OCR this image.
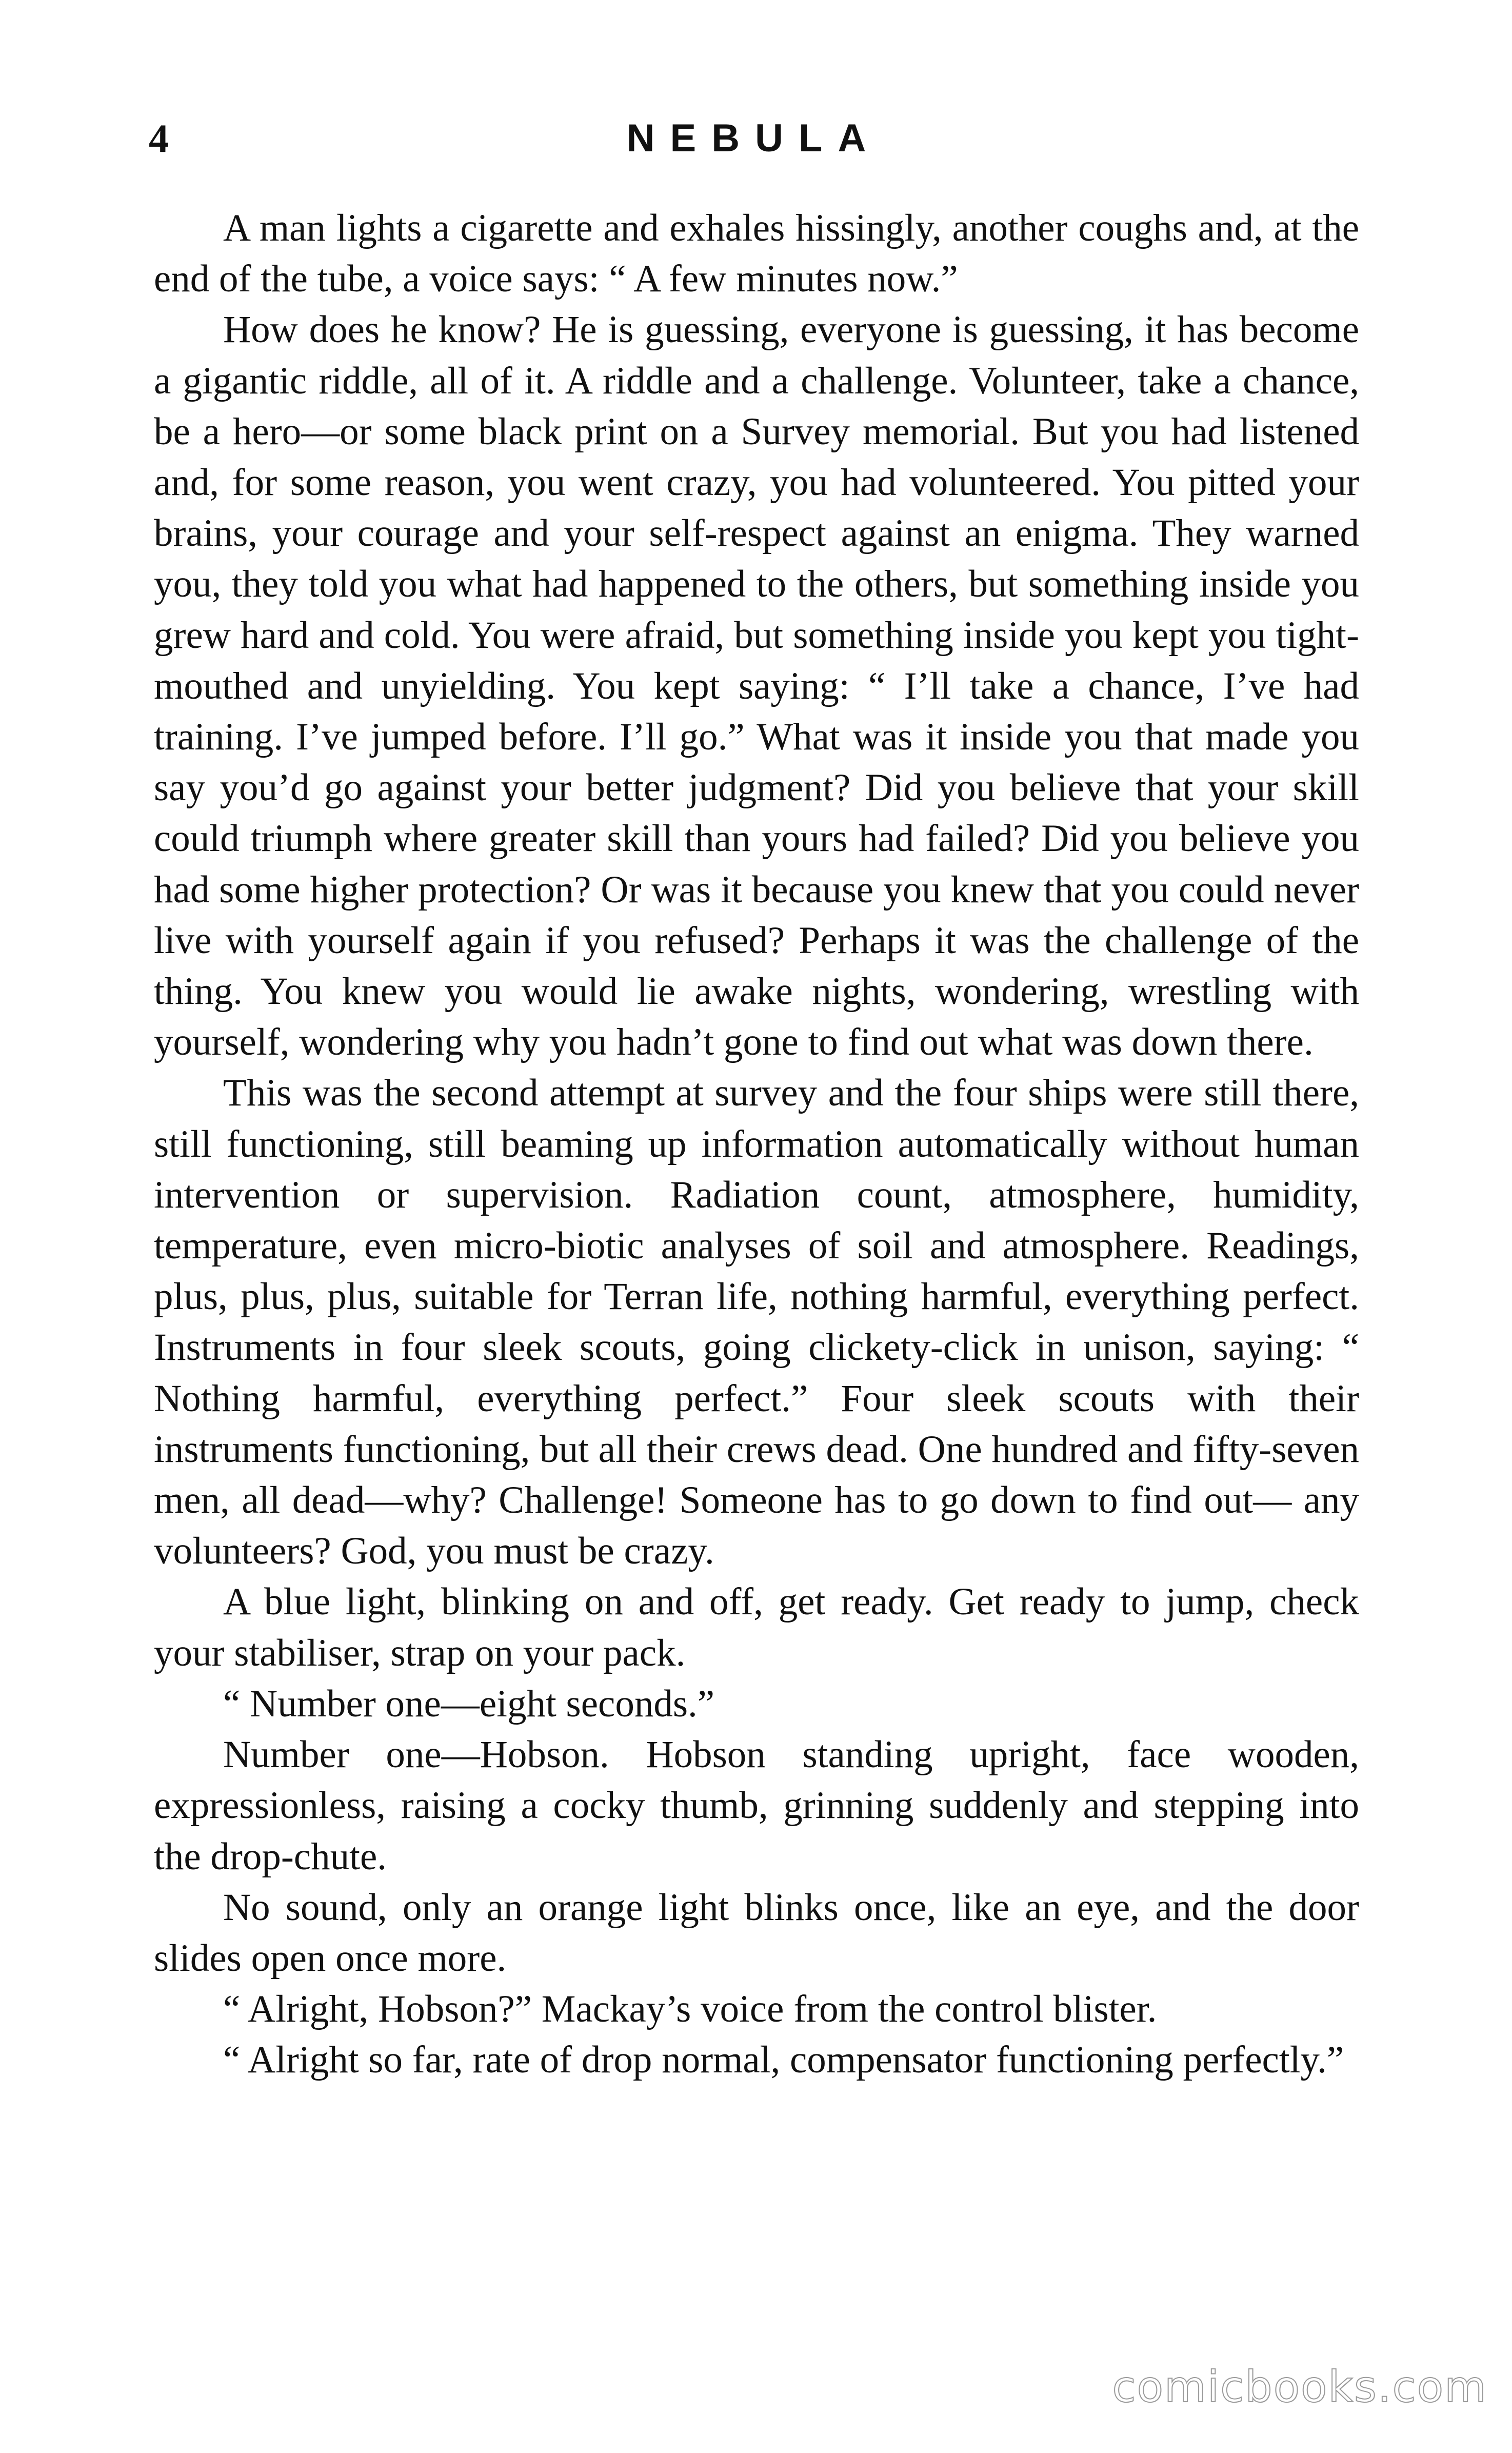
4	NEBULA

A man lights a cigarette and exhales hissingly, another coughs and, at the end of the tube, a voice says: “ A few minutes now.”

How does he know? He is guessing, everyone is guessing, it has become a gigantic riddle, all of it. A riddle and a challenge. Volunteer, take a chance, be a hero—or some black print on a Survey memorial. But you had listened and, for some reason, you went crazy, you had volunteered. You pitted your brains, your courage and your self-respect against an enigma. They warned you, they told you what had happened to the others, but something inside you grew hard and cold. You were afraid, but something inside you kept you tight-mouthed and unyielding. You kept saying: “ I’ll take a chance, I’ve had training. I’ve jumped before. I’ll go.” What was it inside you that made you say you’d go against your better judgment? Did you believe that your skill could triumph where greater skill than yours had failed? Did you believe you had some higher protection? Or was it because you knew that you could never live with yourself again if you refused? Perhaps it was the challenge of the thing. You knew you would lie awake nights, wondering, wrestling with yourself, wondering why you hadn’t gone to find out what was down there.

This was the second attempt at survey and the four ships were still there, still functioning, still beaming up information automatically without human intervention or supervision. Radiation count, atmosphere, humidity, temperature, even micro-biotic analyses of soil and atmosphere. Readings, plus, plus, plus, suitable for Terran life, nothing harmful, everything perfect. Instruments in four sleek scouts, going clickety-click in unison, saying: “ Nothing harmful, everything perfect.” Four sleek scouts with their instruments functioning, but all their crews dead. One hundred and fifty-seven men, all dead—why? Challenge! Someone has to go down to find out— any volunteers? God, you must be crazy.

A blue light, blinking on and off, get ready. Get ready to jump, check your stabiliser, strap on your pack.

“ Number one—eight seconds.”

Number one—Hobson. Hobson standing upright, face wooden, expressionless, raising a cocky thumb, grinning suddenly and stepping into the drop-chute.

No sound, only an orange light blinks once, like an eye, and the door slides open once more.

“ Alright, Hobson?” Mackay’s voice from the control blister.

“ Alright so far, rate of drop normal, compensator functioning perfectly.”

comicbooks.com
